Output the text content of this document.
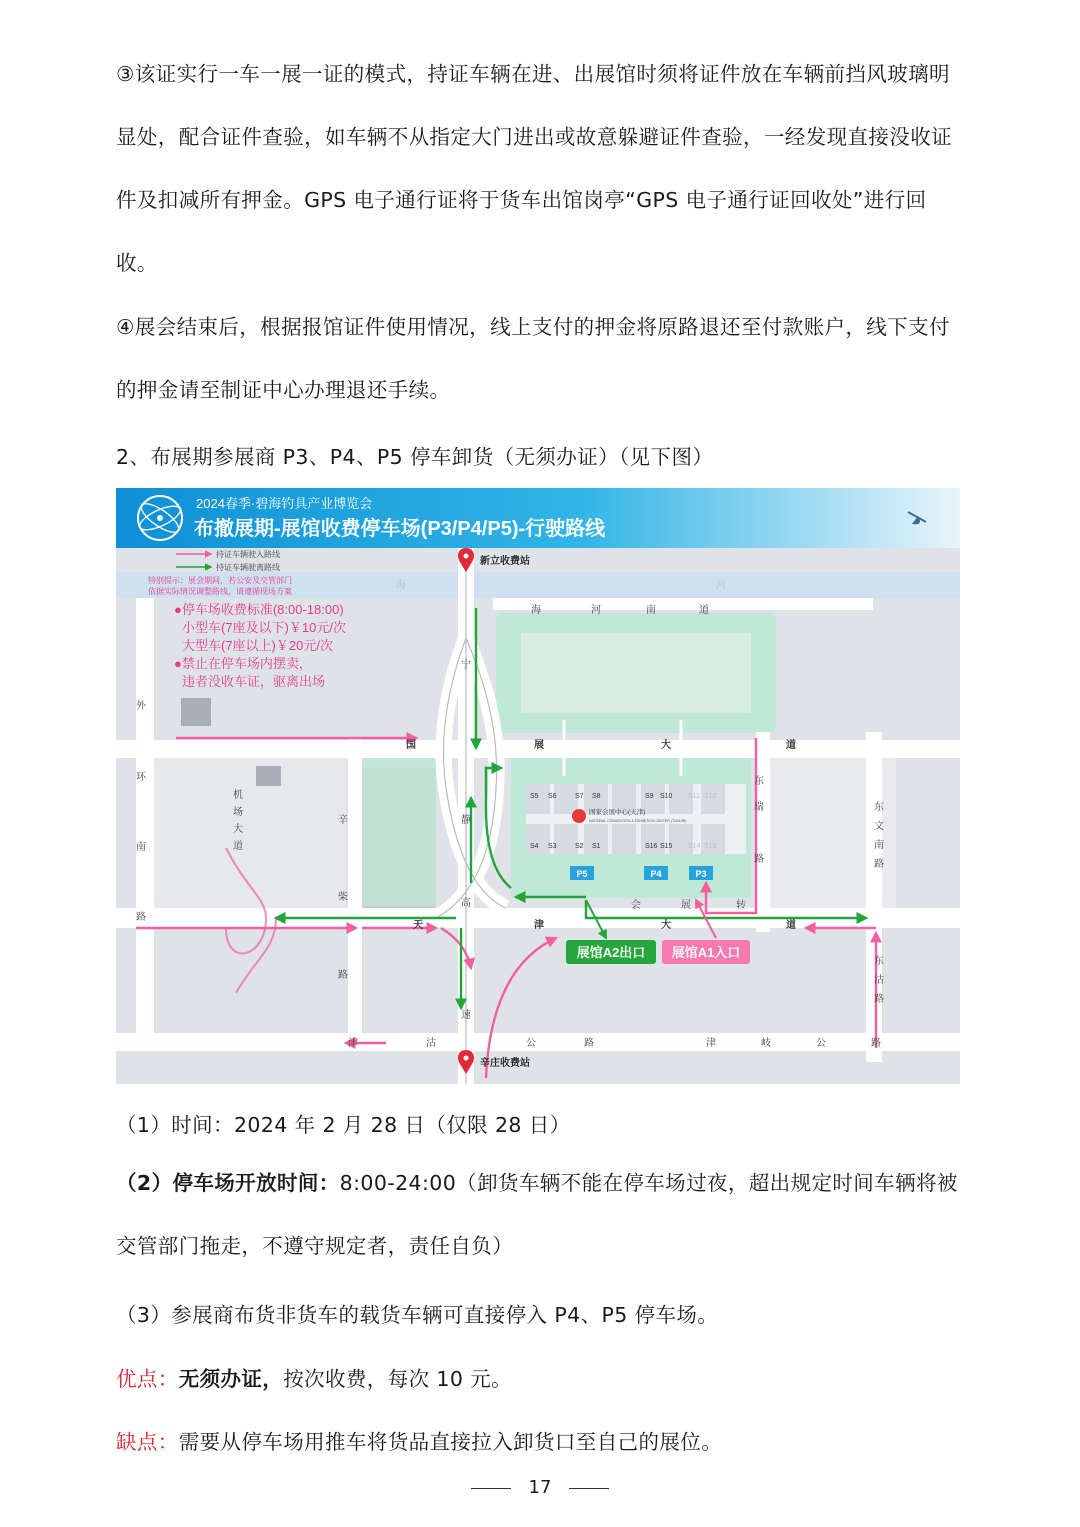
③该证实行一车一展一证的模式，持证车辆在进、出展馆时须将证件放在车辆前挡风玻璃明显处，配合证件查验，如车辆不从指定大门进出或故意躲避证件查验，一经发现直接没收证件及扣减所有押金。GPS 电子通行证将于货车出馆岗亭“GPS 电子通行证回收处”进行回收。
④展会结束后，根据报馆证件使用情况，线上支付的押金将原路退还至付款账户，线下支付的押金请至制证中心办理退还手续。
2、布展期参展商 P3、P4、P5 停车卸货（无须办证）（见下图）
S5 S6	S7 S8	S9 S10 S11 S12
S4 S3	S2 S1	S16 S15 S14 S13
国家会展中心(天津)
NATIONAL CONVENTION & EXHIBITION CENTER (TIANJIN)
P5	P4	P3
国	展	大	道
天	津	大	道
海	河	南	道
外
环
南
路
机
场
大
道
辛
柴
路
宁
静
高
速
瑞
路
东
东
文
南
路
东
沽
路
津	沽	路	津	岐	公	路
会	展	转
公
海	河
新立收费站
辛庄收费站
展馆A2出口 展馆A1入口
持证车辆驶入路线
持证车辆驶离路线
特别提示：展会期间，若公安及交管部门
依据实际情况调整路线，请遵循现场方案
●停车场收费标准(8:00-18:00)
小型车(7座及以下)￥10元/次
大型车(7座以上)￥20元/次
●禁止在停车场内摆卖，
违者没收车证，驱离出场
2024春季·碧海钓具产业博览会
布撤展期-展馆收费停车场(P3/P4/P5)-行驶路线
（1）时间：2024 年 2 月 28 日（仅限 28 日）
（2）停车场开放时间：8:00-24:00（卸货车辆不能在停车场过夜，超出规定时间车辆将被交管部门拖走，不遵守规定者，责任自负）
（3）参展商布货非货车的载货车辆可直接停入 P4、P5 停车场。
优点：无须办证，按次收费，每次 10 元。
缺点：需要从停车场用推车将货品直接拉入卸货口至自己的展位。
17
